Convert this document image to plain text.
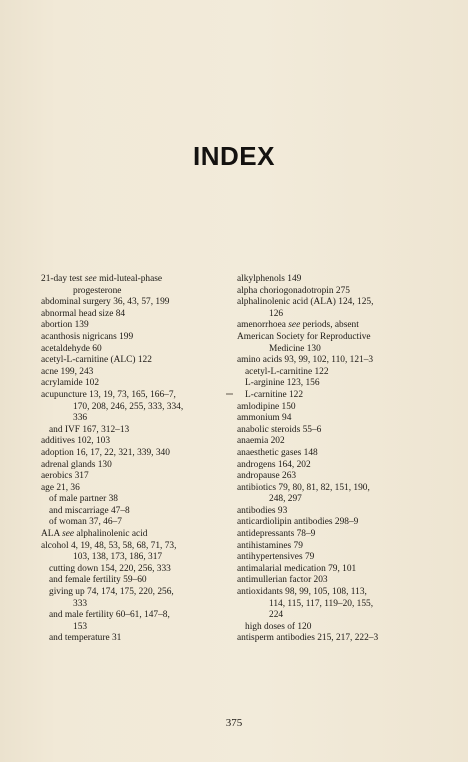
INDEX
21-day test see mid-luteal-phase
progesterone
abdominal surgery 36, 43, 57, 199
abnormal head size 84
abortion 139
acanthosis nigricans 199
acetaldehyde 60
acetyl-L-carnitine (ALC) 122
acne 199, 243
acrylamide 102
acupuncture 13, 19, 73, 165, 166–7,
170, 208, 246, 255, 333, 334,
336
and IVF 167, 312–13
additives 102, 103
adoption 16, 17, 22, 321, 339, 340
adrenal glands 130
aerobics 317
age 21, 36
of male partner 38
and miscarriage 47–8
of woman 37, 46–7
ALA see alphalinolenic acid
alcohol 4, 19, 48, 53, 58, 68, 71, 73,
103, 138, 173, 186, 317
cutting down 154, 220, 256, 333
and female fertility 59–60
giving up 74, 174, 175, 220, 256,
333
and male fertility 60–61, 147–8,
153
and temperature 31
alkylphenols 149
alpha choriogonadotropin 275
alphalinolenic acid (ALA) 124, 125,
126
amenorrhoea see periods, absent
American Society for Reproductive
Medicine 130
amino acids 93, 99, 102, 110, 121–3
acetyl-L-carnitine 122
L-arginine 123, 156
L-carnitine 122
amlodipine 150
ammonium 94
anabolic steroids 55–6
anaemia 202
anaesthetic gases 148
androgens 164, 202
andropause 263
antibiotics 79, 80, 81, 82, 151, 190,
248, 297
antibodies 93
anticardiolipin antibodies 298–9
antidepressants 78–9
antihistamines 79
antihypertensives 79
antimalarial medication 79, 101
antimullerian factor 203
antioxidants 98, 99, 105, 108, 113,
114, 115, 117, 119–20, 155,
224
high doses of 120
antisperm antibodies 215, 217, 222–3
375
